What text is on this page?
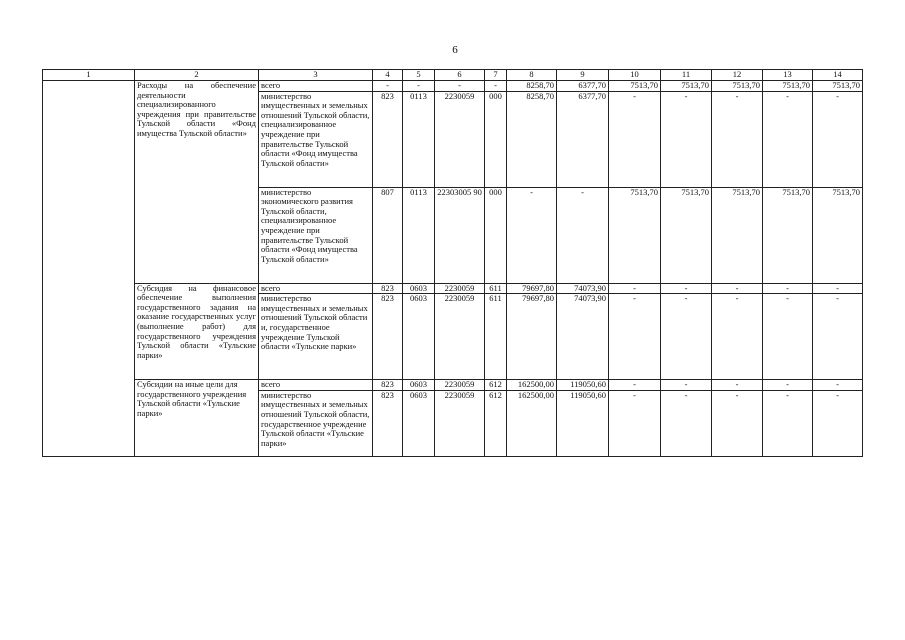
6
1	2	3	4	5	6	7	8	9	10	11	12	13	14
	Расходы на обеспечение деятельности специализированного учреждения при правительстве Тульской области «Фонд имущества Тульской области»	всего	-	-	-	-	8258,70	6377,70	7513,70	7513,70	7513,70	7513,70	7513,70
		министерство имущественных и земельных отношений Тульской области, специализированное учреждение при правительстве Тульской области «Фонд имущества Тульской области»	823	0113	2230059	000	8258,70	6377,70	-	-	-	-	-
		министерство экономического развития Тульской области, специализированное учреждение при правительстве Тульской области «Фонд имущества Тульской области»	807	0113	22303005 90	000	-	-	7513,70	7513,70	7513,70	7513,70	7513,70
	Субсидия на финансовое обеспечение выполнения государственного задания на оказание государственных услуг (выполнение работ) для государственного учреждения Тульской области «Тульские парки»	всего	823	0603	2230059	611	79697,80	74073,90	-	-	-	-	-
		министерство имущественных и земельных отношений Тульской области и, государственное учреждение Тульской области «Тульские парки»	823	0603	2230059	611	79697,80	74073,90	-	-	-	-	-
	Субсидии на иные цели для государственного учреждения Тульской области «Тульские парки»	всего	823	0603	2230059	612	162500,00	119050,60	-	-	-	-	-
		министерство имущественных и земельных отношений Тульской области, государственное учреждение Тульской области «Тульские парки»	823	0603	2230059	612	162500,00	119050,60	-	-	-	-	-
